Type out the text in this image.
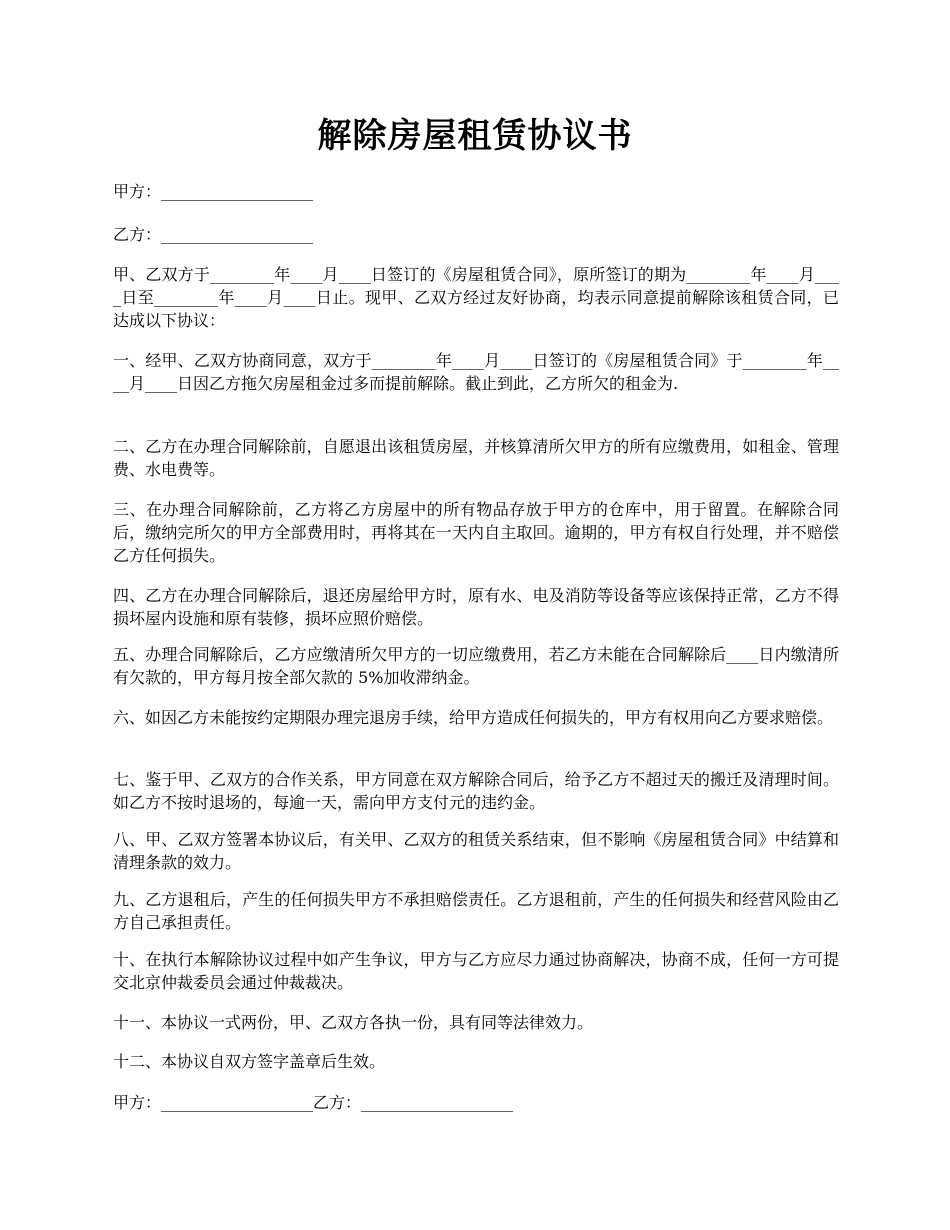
解除房屋租赁协议书

甲方：___________________

乙方：___________________

甲、乙双方于________年____月____日签订的《房屋租赁合同》，原所签订的期为________年____月____日至________年____月____日止。现甲、乙双方经过友好协商，均表示同意提前解除该租赁合同，已达成以下协议：

一、经甲、乙双方协商同意，双方于________年____月____日签订的《房屋租赁合同》于________年____月____日因乙方拖欠房屋租金过多而提前解除。截止到此，乙方所欠的租金为.

二、乙方在办理合同解除前，自愿退出该租赁房屋，并核算清所欠甲方的所有应缴费用，如租金、管理费、水电费等。

三、在办理合同解除前，乙方将乙方房屋中的所有物品存放于甲方的仓库中，用于留置。在解除合同后，缴纳完所欠的甲方全部费用时，再将其在一天内自主取回。逾期的，甲方有权自行处理，并不赔偿乙方任何损失。

四、乙方在办理合同解除后，退还房屋给甲方时，原有水、电及消防等设备等应该保持正常，乙方不得损坏屋内设施和原有装修，损坏应照价赔偿。

五、办理合同解除后，乙方应缴清所欠甲方的一切应缴费用，若乙方未能在合同解除后____日内缴清所有欠款的，甲方每月按全部欠款的 5%加收滞纳金。

六、如因乙方未能按约定期限办理完退房手续，给甲方造成任何损失的，甲方有权用向乙方要求赔偿。

七、鉴于甲、乙双方的合作关系，甲方同意在双方解除合同后，给予乙方不超过天的搬迁及清理时间。如乙方不按时退场的，每逾一天，需向甲方支付元的违约金。

八、甲、乙双方签署本协议后，有关甲、乙双方的租赁关系结束，但不影响《房屋租赁合同》中结算和清理条款的效力。

九、乙方退租后，产生的任何损失甲方不承担赔偿责任。乙方退租前，产生的任何损失和经营风险由乙方自己承担责任。

十、在执行本解除协议过程中如产生争议，甲方与乙方应尽力通过协商解决，协商不成，任何一方可提交北京仲裁委员会通过仲裁裁决。

十一、本协议一式两份，甲、乙双方各执一份，具有同等法律效力。

十二、本协议自双方签字盖章后生效。

甲方：___________________乙方：___________________
